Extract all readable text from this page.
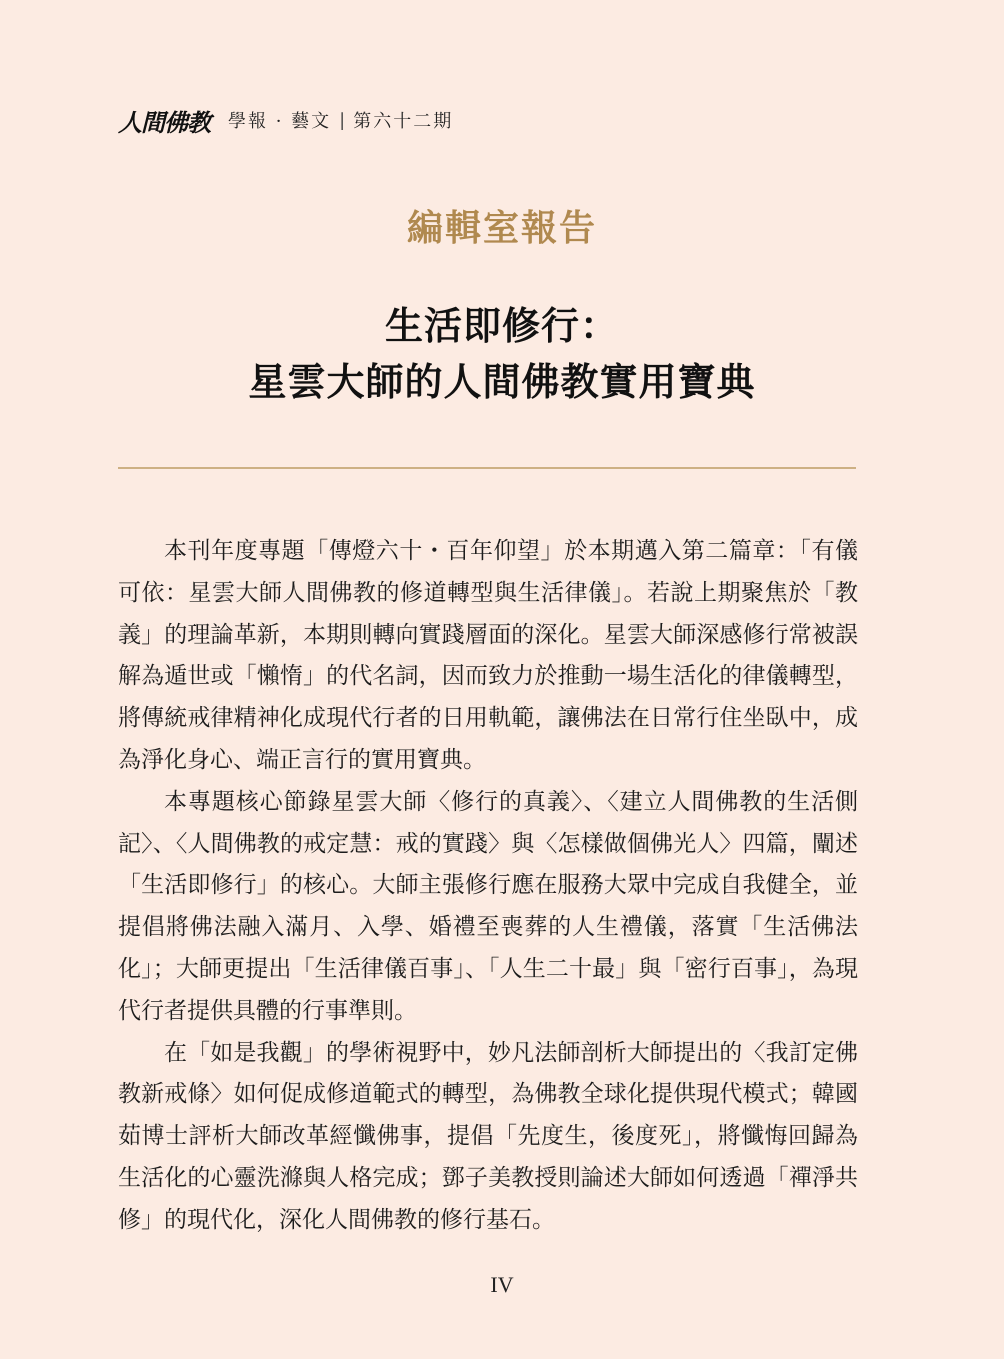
人間佛教 學報 · 藝文 | 第六十二期
編輯室報告
生活即修行：
星雲大師的人間佛教實用寶典

本刊年度專題「傳燈六十・百年仰望」於本期邁入第二篇章：「有儀可依：星雲大師人間佛教的修道轉型與生活律儀」。若說上期聚焦於「教義」的理論革新，本期則轉向實踐層面的深化。星雲大師深感修行常被誤解為遁世或「懶惰」的代名詞，因而致力於推動一場生活化的律儀轉型，將傳統戒律精神化成現代行者的日用軌範，讓佛法在日常行住坐臥中，成為淨化身心、端正言行的實用寶典。

本專題核心節錄星雲大師〈修行的真義〉、〈建立人間佛教的生活側記〉、〈人間佛教的戒定慧：戒的實踐〉與〈怎樣做個佛光人〉四篇，闡述「生活即修行」的核心。大師主張修行應在服務大眾中完成自我健全，並提倡將佛法融入滿月、入學、婚禮至喪葬的人生禮儀，落實「生活佛法化」；大師更提出「生活律儀百事」、「人生二十最」與「密行百事」，為現代行者提供具體的行事準則。

在「如是我觀」的學術視野中，妙凡法師剖析大師提出的〈我訂定佛教新戒條〉如何促成修道範式的轉型，為佛教全球化提供現代模式；韓國茹博士評析大師改革經懺佛事，提倡「先度生，後度死」，將懺悔回歸為生活化的心靈洗滌與人格完成；鄧子美教授則論述大師如何透過「禪淨共修」的現代化，深化人間佛教的修行基石。

IV
